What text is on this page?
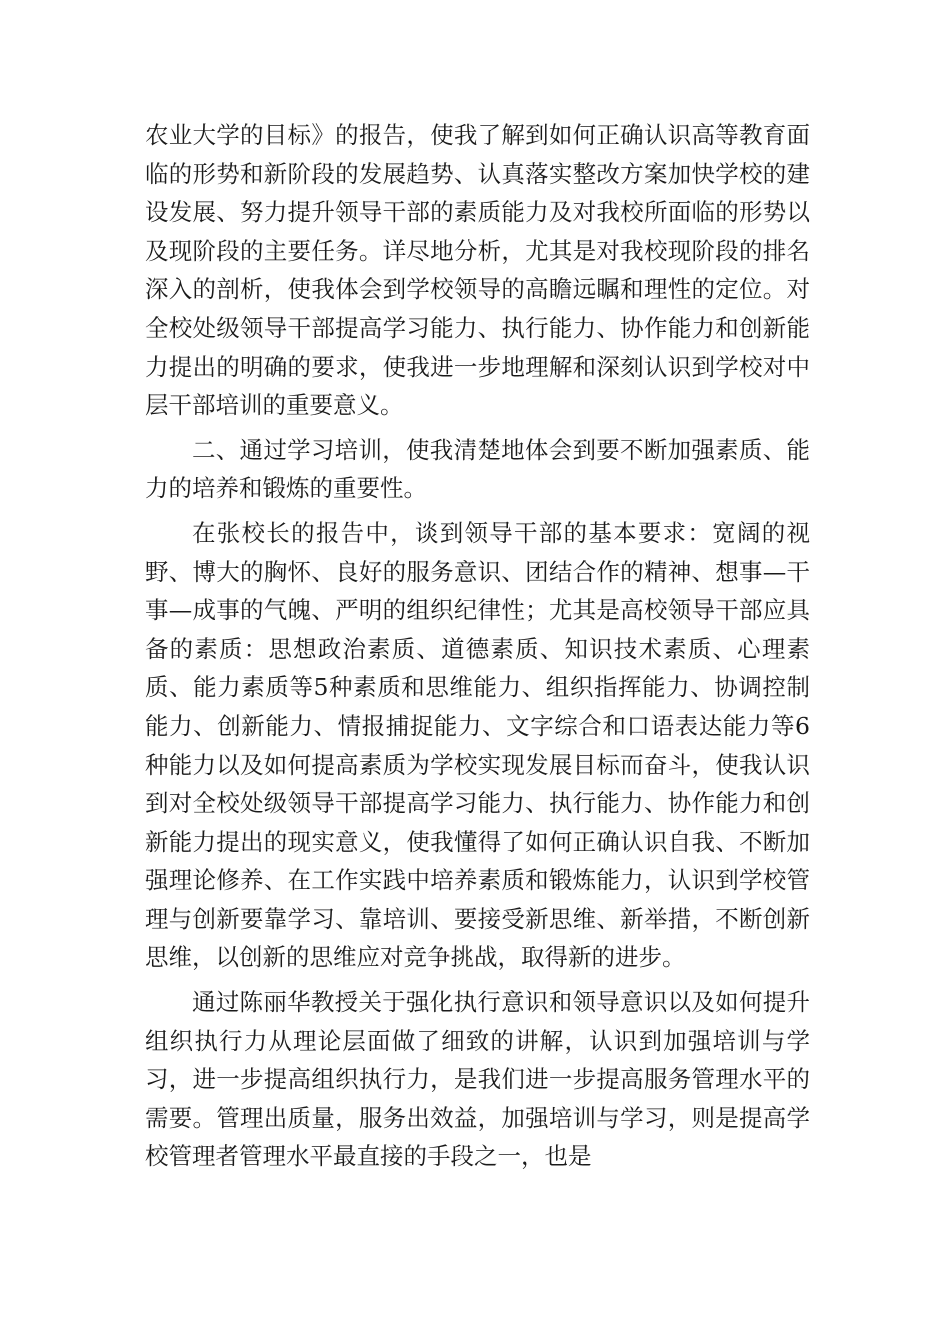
农业大学的目标》的报告，使我了解到如何正确认识高等教育面临的形势和新阶段的发展趋势、认真落实整改方案加快学校的建设发展、努力提升领导干部的素质能力及对我校所面临的形势以及现阶段的主要任务。详尽地分析，尤其是对我校现阶段的排名深入的剖析，使我体会到学校领导的高瞻远瞩和理性的定位。对全校处级领导干部提高学习能力、执行能力、协作能力和创新能力提出的明确的要求，使我进一步地理解和深刻认识到学校对中层干部培训的重要意义。

二、通过学习培训，使我清楚地体会到要不断加强素质、能力的培养和锻炼的重要性。

在张校长的报告中，谈到领导干部的基本要求：宽阔的视野、博大的胸怀、良好的服务意识、团结合作的精神、想事—干事—成事的气魄、严明的组织纪律性；尤其是高校领导干部应具备的素质：思想政治素质、道德素质、知识技术素质、心理素质、能力素质等5种素质和思维能力、组织指挥能力、协调控制能力、创新能力、情报捕捉能力、文字综合和口语表达能力等6种能力以及如何提高素质为学校实现发展目标而奋斗，使我认识到对全校处级领导干部提高学习能力、执行能力、协作能力和创新能力提出的现实意义，使我懂得了如何正确认识自我、不断加强理论修养、在工作实践中培养素质和锻炼能力，认识到学校管理与创新要靠学习、靠培训、要接受新思维、新举措，不断创新思维，以创新的思维应对竞争挑战，取得新的进步。

通过陈丽华教授关于强化执行意识和领导意识以及如何提升组织执行力从理论层面做了细致的讲解，认识到加强培训与学习，进一步提高组织执行力，是我们进一步提高服务管理水平的需要。管理出质量，服务出效益，加强培训与学习，则是提高学校管理者管理水平最直接的手段之一，也是
